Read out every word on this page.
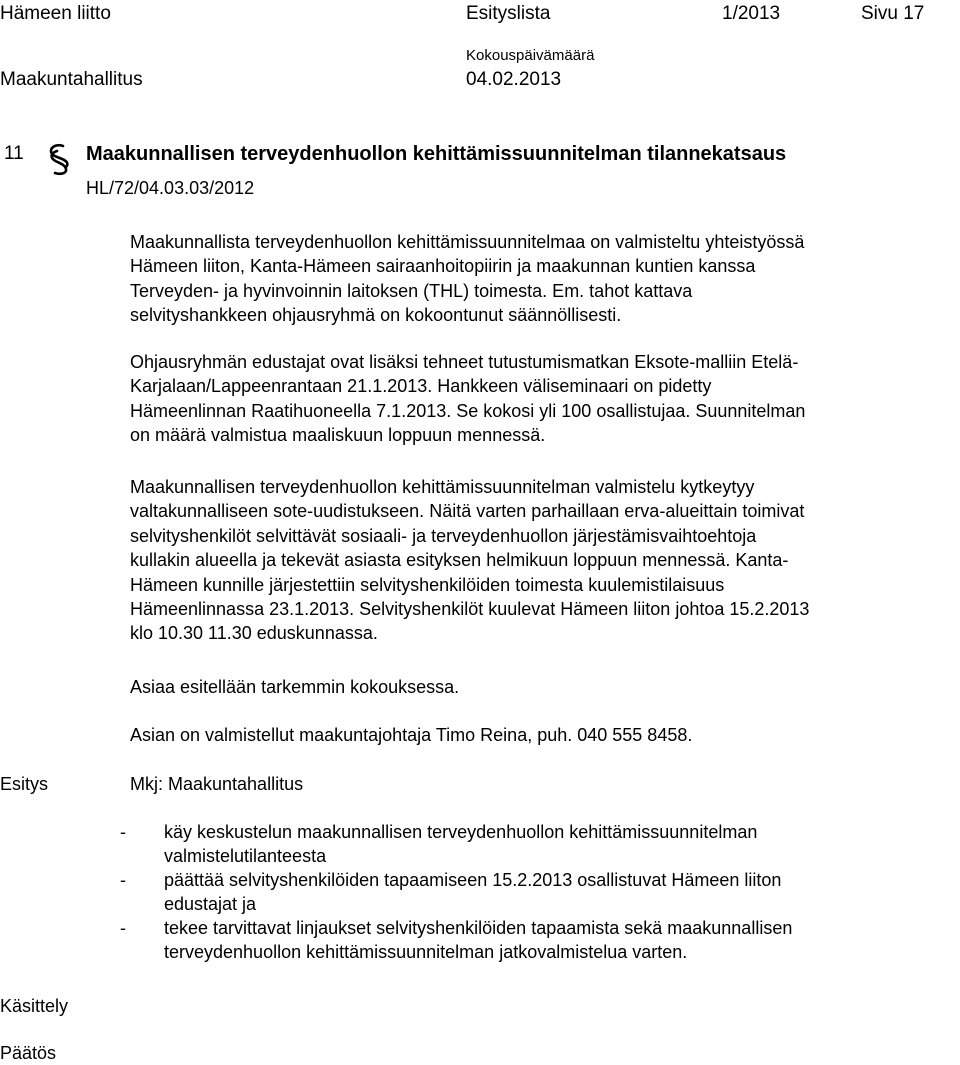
Hämeen liitto	Esityslista	1/2013	Sivu 17
Kokouspäivämäärä
Maakuntahallitus	04.02.2013
11	Maakunnallisen terveydenhuollon kehittämissuunnitelman tilannekatsaus
HL/72/04.03.03/2012

Maakunnallista terveydenhuollon kehittämissuunnitelmaa on valmisteltu yhteistyössä
Hämeen liiton, Kanta-Hämeen sairaanhoitopiirin ja maakunnan kuntien kanssa
Terveyden- ja hyvinvoinnin laitoksen (THL) toimesta. Em. tahot kattava
selvityshankkeen ohjausryhmä on kokoontunut säännöllisesti.

Ohjausryhmän edustajat ovat lisäksi tehneet tutustumismatkan Eksote-malliin Etelä-
Karjalaan/Lappeenrantaan 21.1.2013. Hankkeen väliseminaari on pidetty
Hämeenlinnan Raatihuoneella 7.1.2013. Se kokosi yli 100 osallistujaa. Suunnitelman
on määrä valmistua maaliskuun loppuun mennessä.

Maakunnallisen terveydenhuollon kehittämissuunnitelman valmistelu kytkeytyy
valtakunnalliseen sote-uudistukseen. Näitä varten parhaillaan erva-alueittain toimivat
selvityshenkilöt selvittävät sosiaali- ja terveydenhuollon järjestämisvaihtoehtoja
kullakin alueella ja tekevät asiasta esityksen helmikuun loppuun mennessä. Kanta-
Hämeen kunnille järjestettiin selvityshenkilöiden toimesta kuulemistilaisuus
Hämeenlinnassa 23.1.2013. Selvityshenkilöt kuulevat Hämeen liiton johtoa 15.2.2013
klo 10.30 11.30 eduskunnassa.

Asiaa esitellään tarkemmin kokouksessa.

Asian on valmistellut maakuntajohtaja Timo Reina, puh. 040 555 8458.

Esitys	Mkj: Maakuntahallitus
- käy keskustelun maakunnallisen terveydenhuollon kehittämissuunnitelman
valmistelutilanteesta
- päättää selvityshenkilöiden tapaamiseen 15.2.2013 osallistuvat Hämeen liiton
edustajat ja
- tekee tarvittavat linjaukset selvityshenkilöiden tapaamista sekä maakunnallisen
terveydenhuollon kehittämissuunnitelman jatkovalmistelua varten.
Käsittely
Päätös
